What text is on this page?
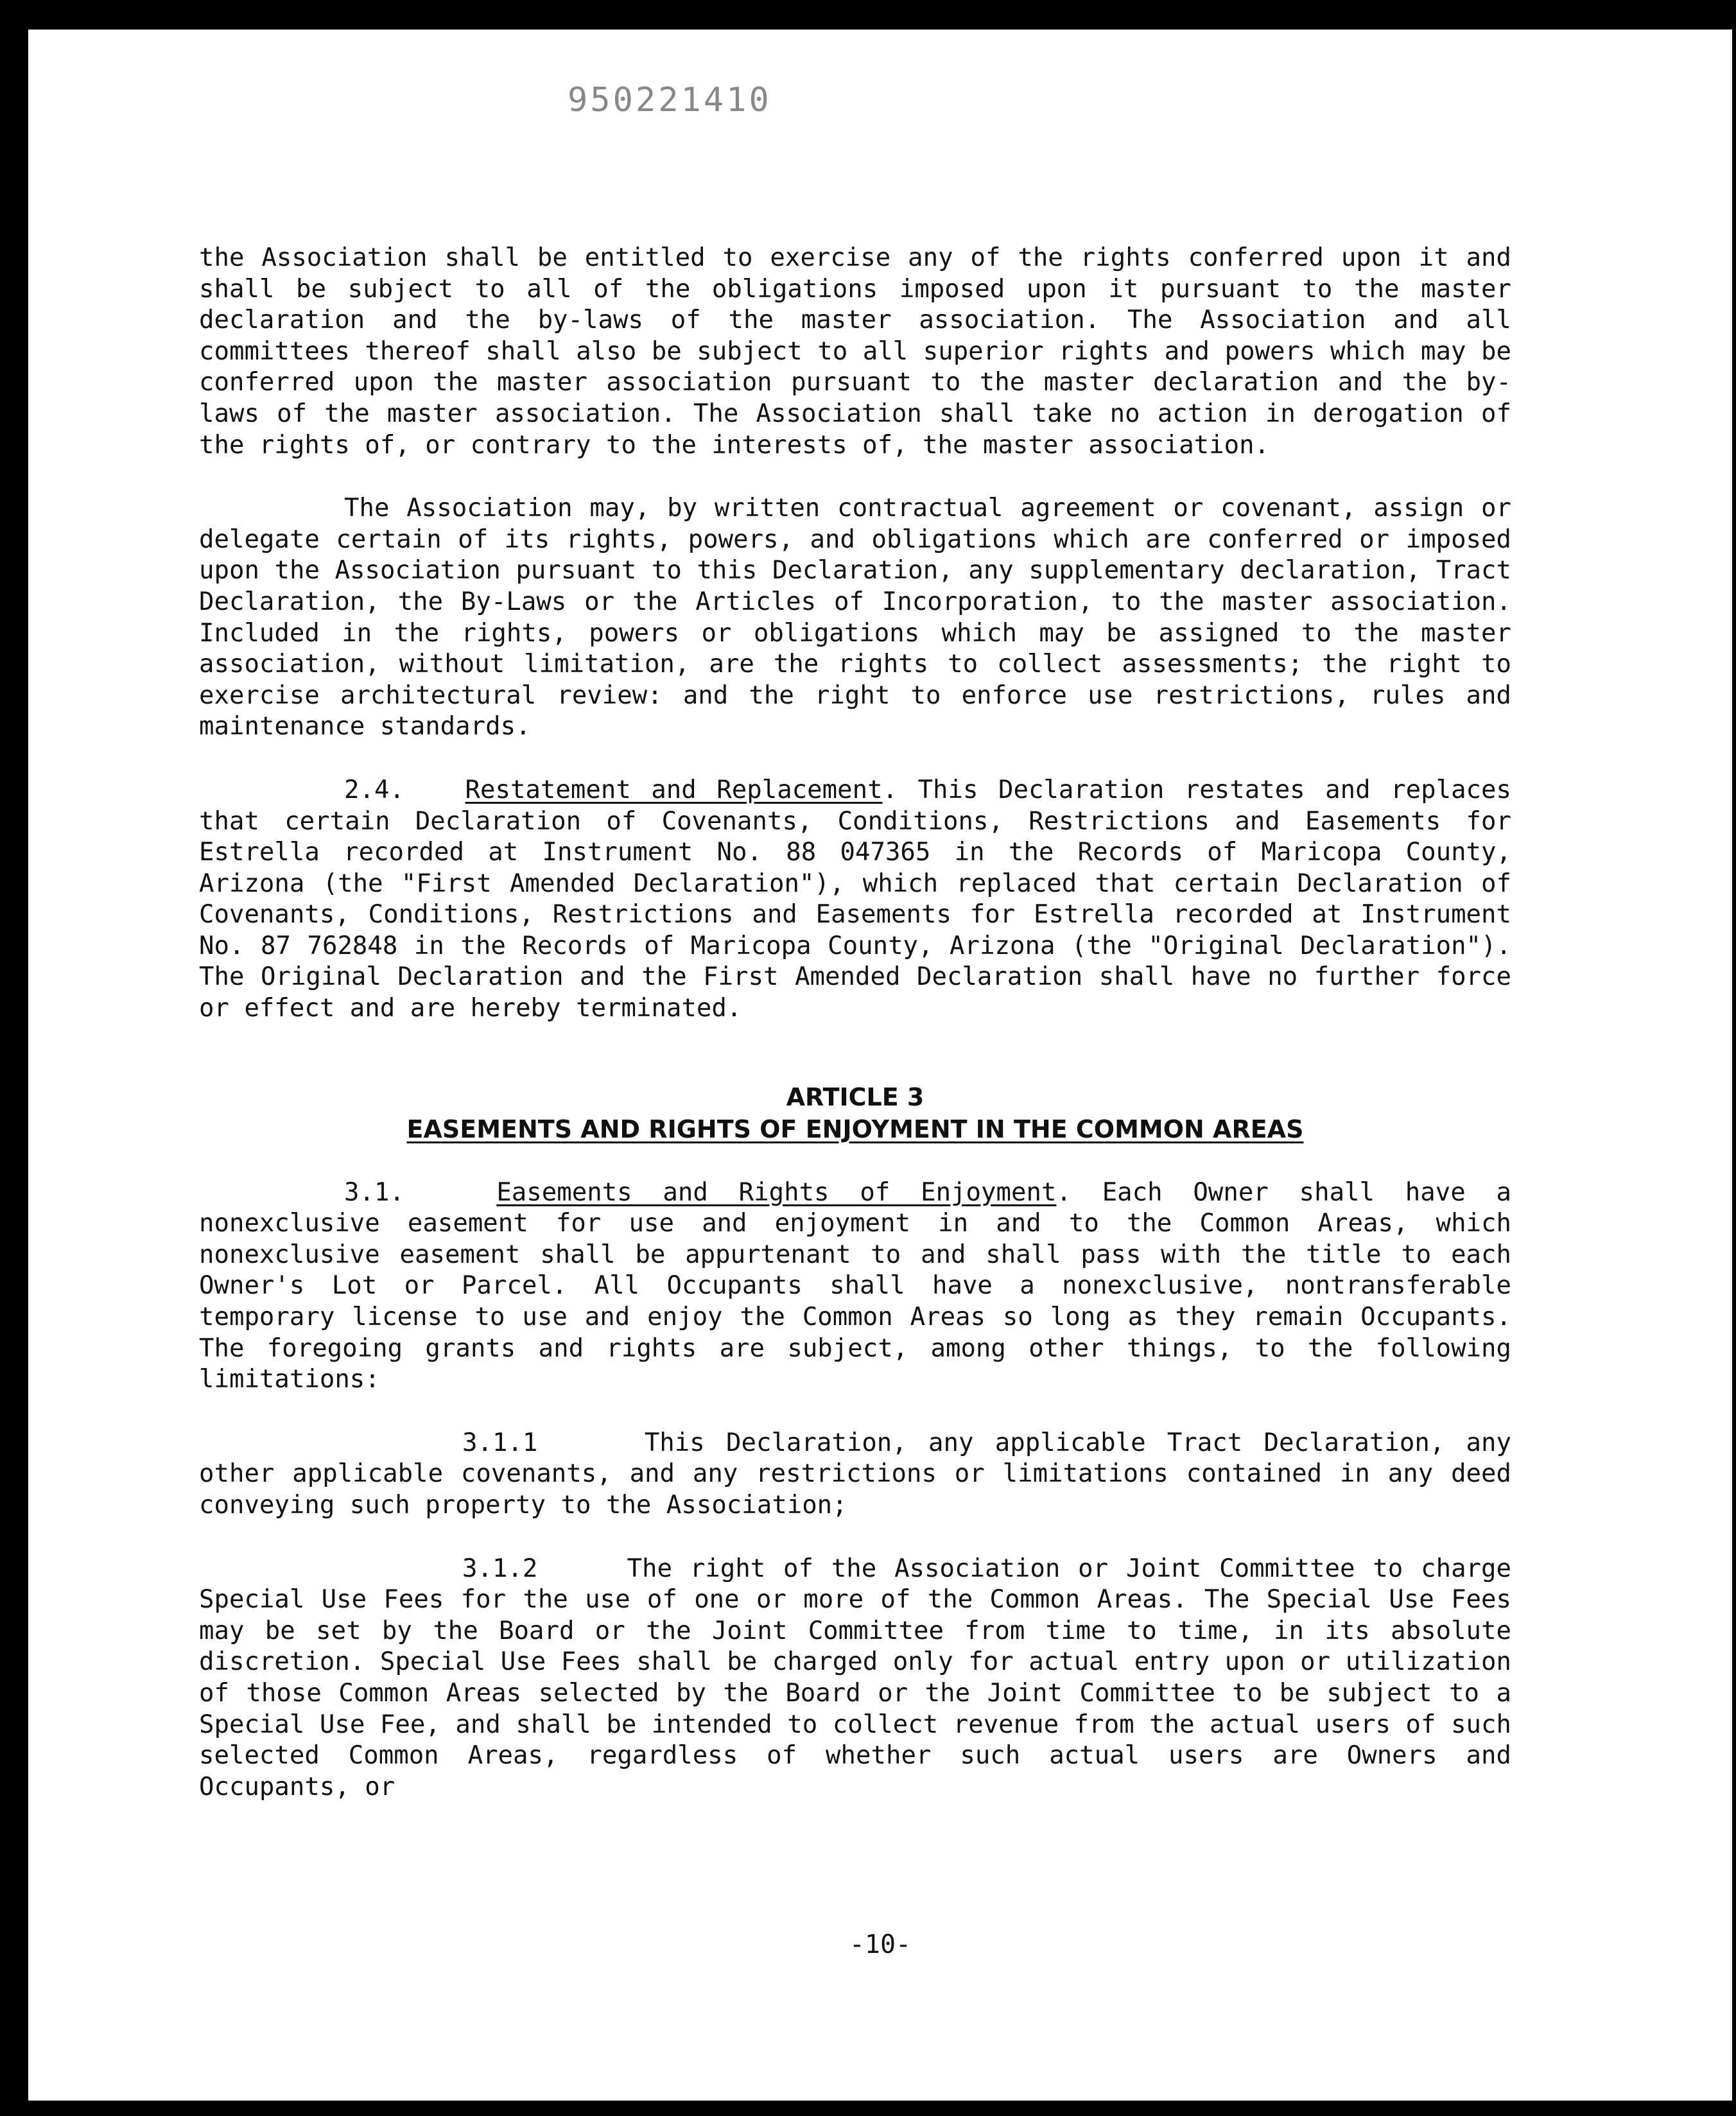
950221410

the Association shall be entitled to exercise any of the rights conferred upon it and shall be subject to all of the obligations imposed upon it pursuant to the master declaration and the by-laws of the master association. The Association and all committees thereof shall also be subject to all superior rights and powers which may be conferred upon the master association pursuant to the master declaration and the by-laws of the master association. The Association shall take no action in derogation of the rights of, or contrary to the interests of, the master association.

The Association may, by written contractual agreement or covenant, assign or delegate certain of its rights, powers, and obligations which are conferred or imposed upon the Association pursuant to this Declaration, any supplementary declaration, Tract Declaration, the By-Laws or the Articles of Incorporation, to the master association. Included in the rights, powers or obligations which may be assigned to the master association, without limitation, are the rights to collect assessments; the right to exercise architectural review: and the right to enforce use restrictions, rules and maintenance standards.

2.4. Restatement and Replacement. This Declaration restates and replaces that certain Declaration of Covenants, Conditions, Restrictions and Easements for Estrella recorded at Instrument No. 88 047365 in the Records of Maricopa County, Arizona (the "First Amended Declaration"), which replaced that certain Declaration of Covenants, Conditions, Restrictions and Easements for Estrella recorded at Instrument No. 87 762848 in the Records of Maricopa County, Arizona (the "Original Declaration"). The Original Declaration and the First Amended Declaration shall have no further force or effect and are hereby terminated.

ARTICLE 3
EASEMENTS AND RIGHTS OF ENJOYMENT IN THE COMMON AREAS

3.1.	Easements and Rights of Enjoyment. Each Owner shall have a nonexclusive easement for use and enjoyment in and to the Common Areas, which nonexclusive easement shall be appurtenant to and shall pass with the title to each Owner's Lot or Parcel. All Occupants shall have a nonexclusive, nontransferable temporary license to use and enjoy the Common Areas so long as they remain Occupants. The foregoing grants and rights are subject, among other things, to the following limitations:

3.1.1	This Declaration, any applicable Tract Declaration, any other applicable covenants, and any restrictions or limitations contained in any deed conveying such property to the Association;

3.1.2	The right of the Association or Joint Committee to charge Special Use Fees for the use of one or more of the Common Areas. The Special Use Fees may be set by the Board or the Joint Committee from time to time, in its absolute discretion. Special Use Fees shall be charged only for actual entry upon or utilization of those Common Areas selected by the Board or the Joint Committee to be subject to a Special Use Fee, and shall be intended to collect revenue from the actual users of such selected Common Areas, regardless of whether such actual users are Owners and Occupants, or

-10-
